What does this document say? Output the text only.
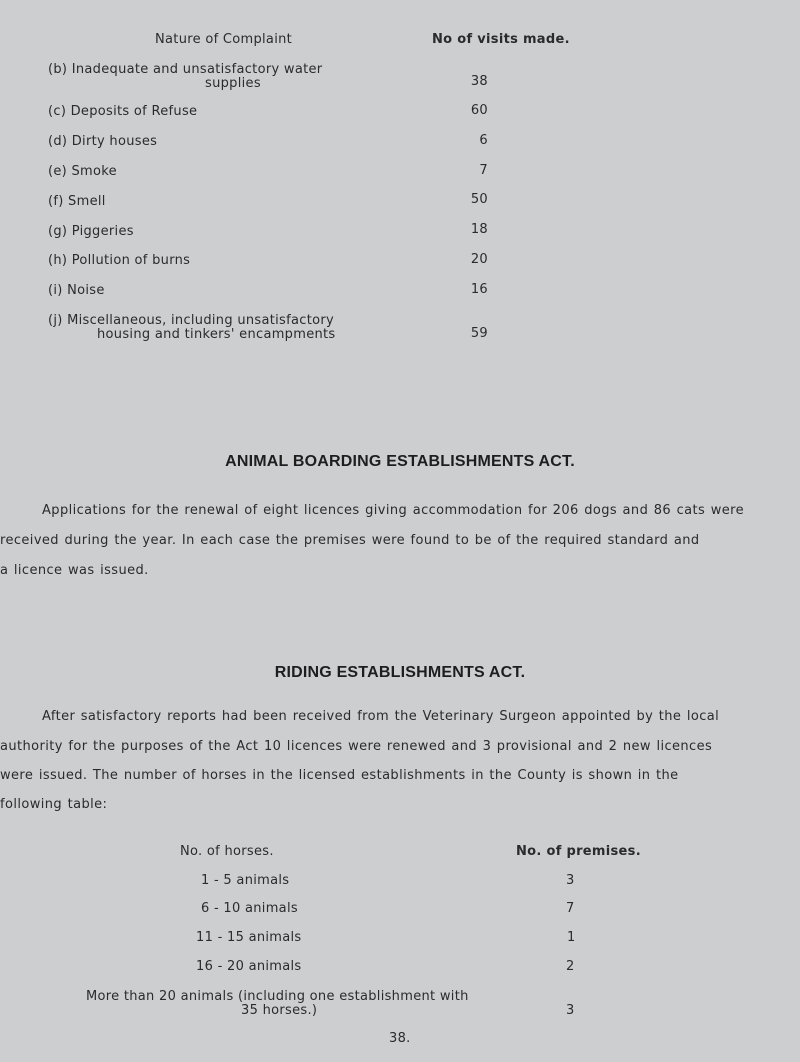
Nature of Complaint	No of visits made.
(b) Inadequate and unsatisfactory water
supplies	38
(c) Deposits of Refuse	60
(d) Dirty houses	6
(e) Smoke	7
(f) Smell	50
(g) Piggeries	18
(h) Pollution of burns	20
(i) Noise	16
(j) Miscellaneous, including unsatisfactory
housing and tinkers' encampments	59
ANIMAL BOARDING ESTABLISHMENTS ACT.
Applications for the renewal of eight licences giving accommodation for 206 dogs and 86 cats were
received during the year. In each case the premises were found to be of the required standard and
a licence was issued.
RIDING ESTABLISHMENTS ACT.
After satisfactory reports had been received from the Veterinary Surgeon appointed by the local
authority for the purposes of the Act 10 licences were renewed and 3 provisional and 2 new licences
were issued. The number of horses in the licensed establishments in the County is shown in the
following table:
No. of horses.	No. of premises.
1 - 5 animals	3
6 - 10 animals	7
11 - 15 animals	1
16 - 20 animals	2
More than 20 animals (including one establishment with
35 horses.)	3
38.
